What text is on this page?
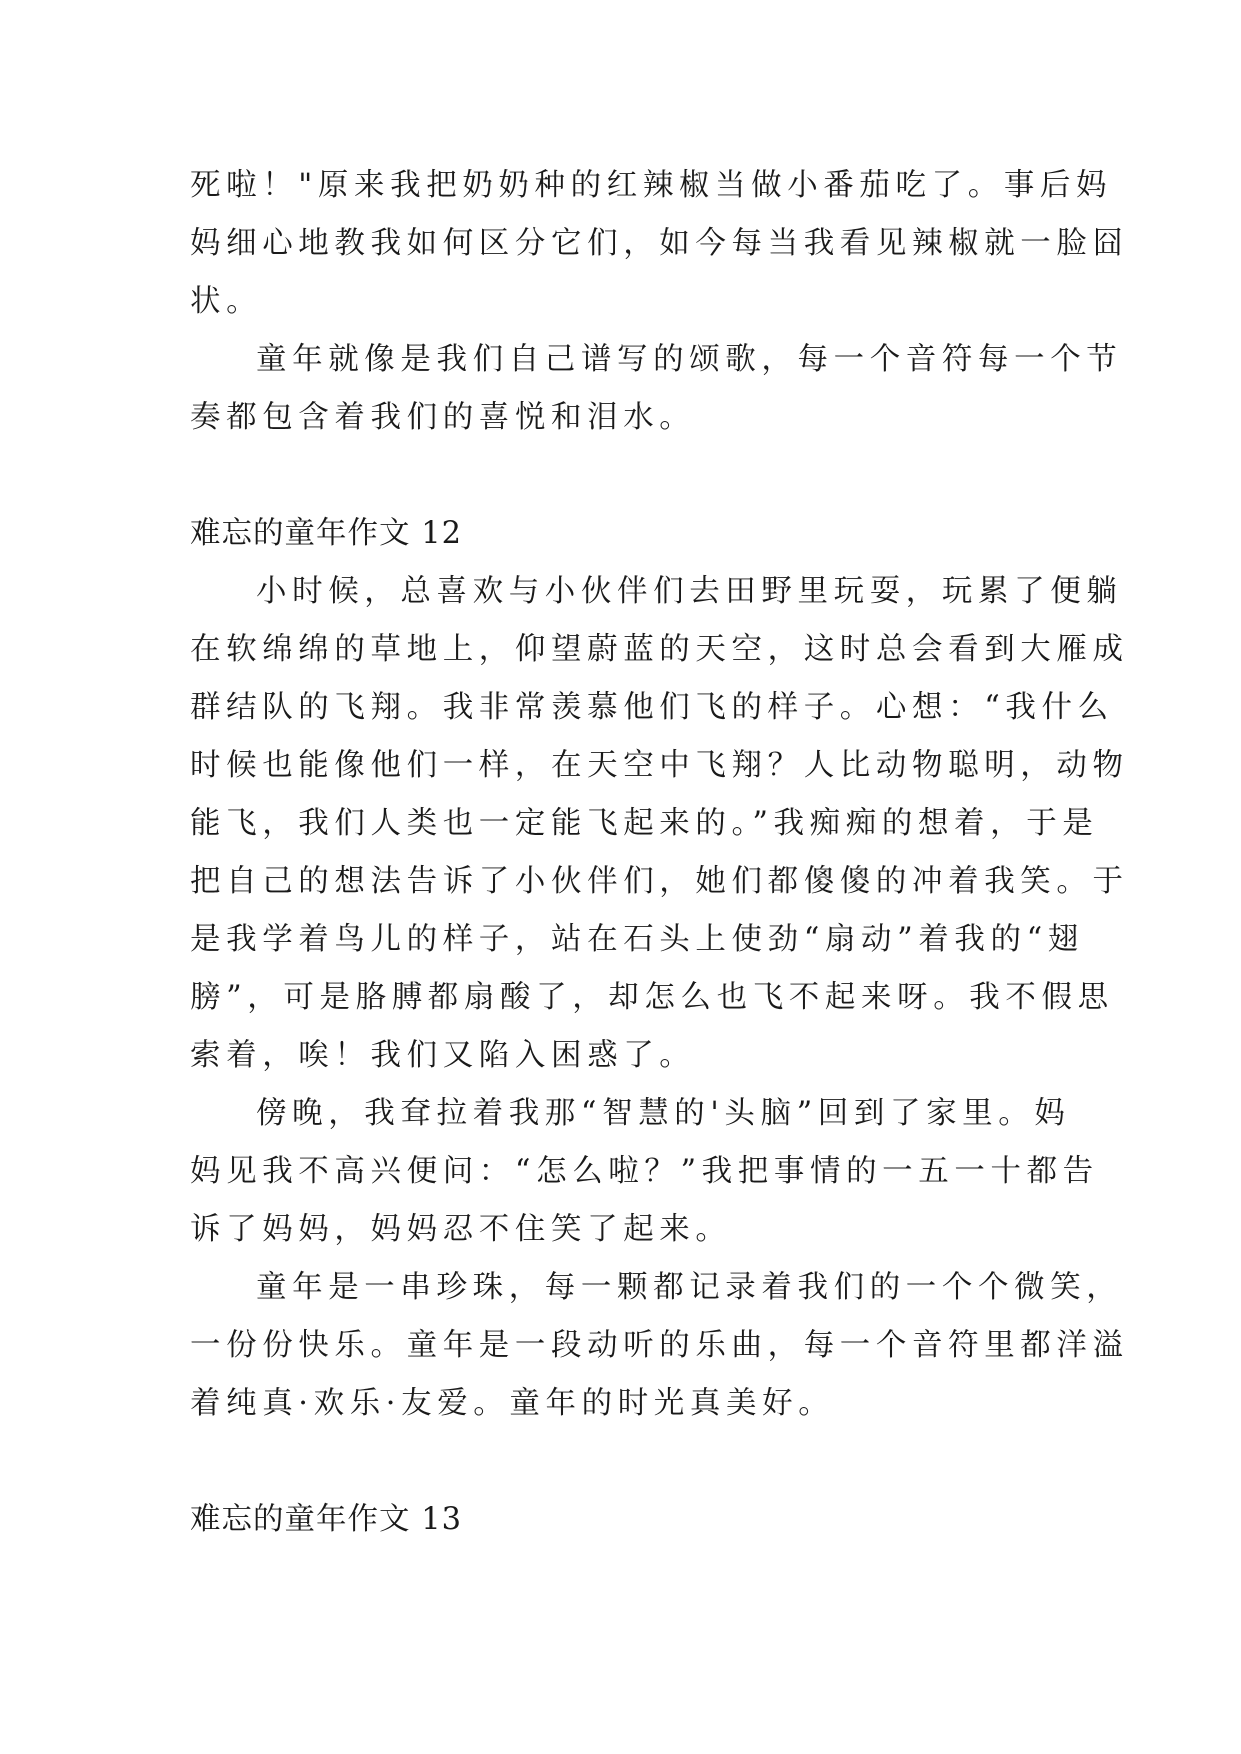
死啦！"原来我把奶奶种的红辣椒当做小番茄吃了。事后妈
妈细心地教我如何区分它们，如今每当我看见辣椒就一脸囧
状。
童年就像是我们自己谱写的颂歌，每一个音符每一个节
奏都包含着我们的喜悦和泪水。
难忘的童年作文 12
小时候，总喜欢与小伙伴们去田野里玩耍，玩累了便躺
在软绵绵的草地上，仰望蔚蓝的天空，这时总会看到大雁成
群结队的飞翔。我非常羡慕他们飞的样子。心想：“我什么
时候也能像他们一样，在天空中飞翔？人比动物聪明，动物
能飞，我们人类也一定能飞起来的。”我痴痴的想着，于是
把自己的想法告诉了小伙伴们，她们都傻傻的冲着我笑。于
是我学着鸟儿的样子，站在石头上使劲“扇动”着我的“翅
膀”，可是胳膊都扇酸了，却怎么也飞不起来呀。我不假思
索着，唉！我们又陷入困惑了。
傍晚，我耷拉着我那“智慧的'头脑”回到了家里。妈
妈见我不高兴便问：“怎么啦？”我把事情的一五一十都告
诉了妈妈，妈妈忍不住笑了起来。
童年是一串珍珠，每一颗都记录着我们的一个个微笑，
一份份快乐。童年是一段动听的乐曲，每一个音符里都洋溢
着纯真·欢乐·友爱。童年的时光真美好。
难忘的童年作文 13
